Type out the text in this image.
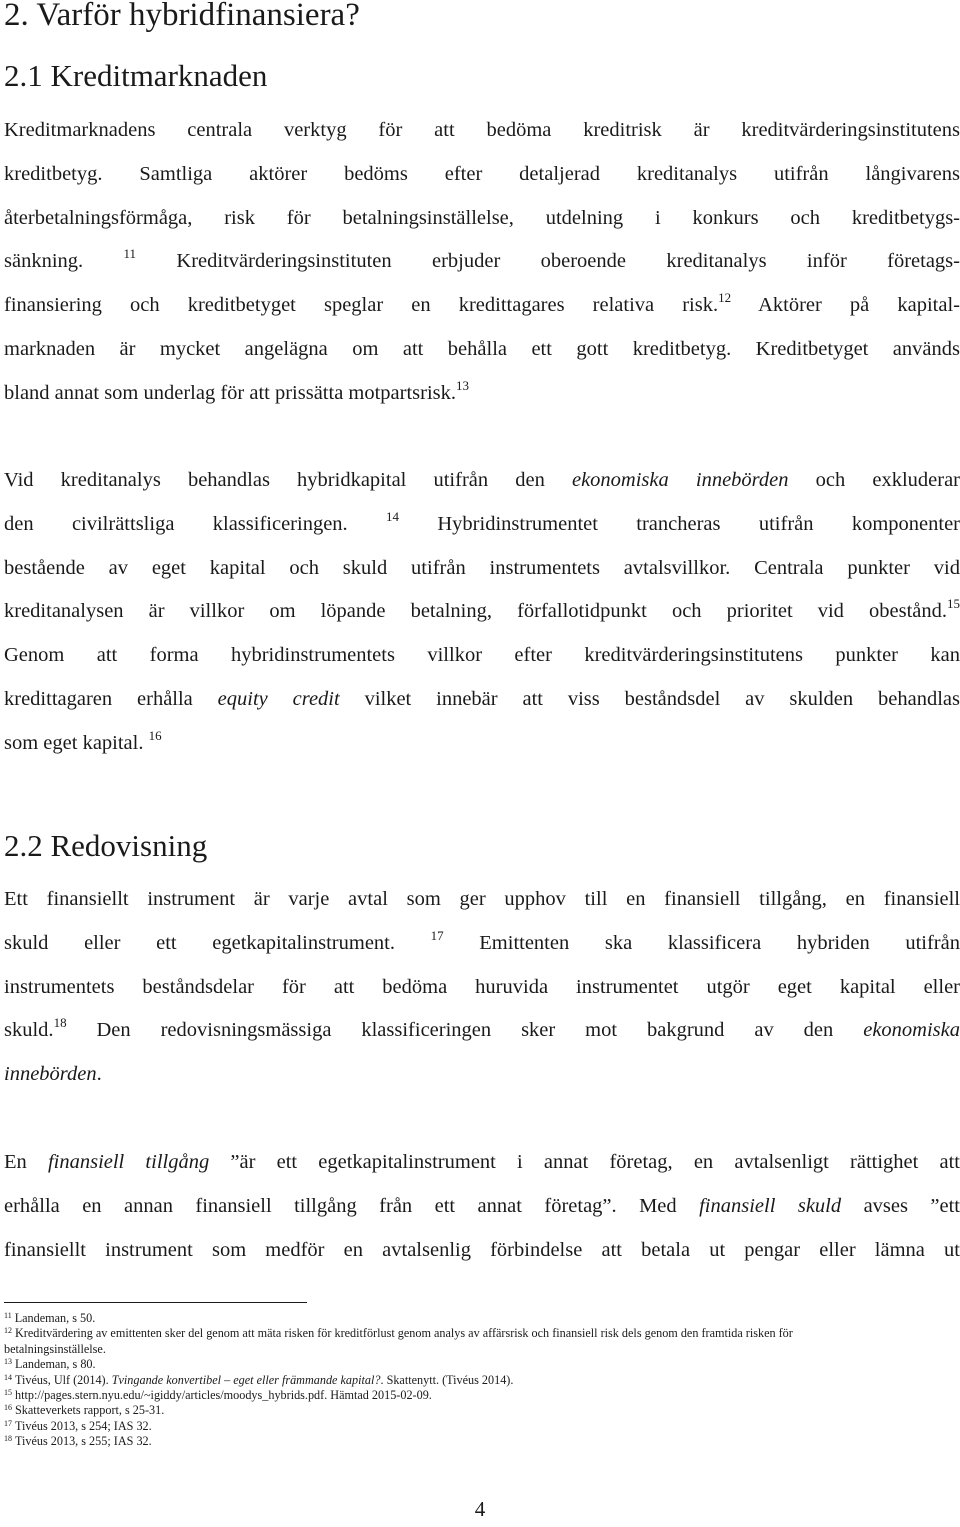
2. Varför hybridfinansiera?
2.1 Kreditmarknaden
Kreditmarknadens centrala verktyg för att bedöma kreditrisk är kreditvärderingsinstitutens
kreditbetyg. Samtliga aktörer bedöms efter detaljerad kreditanalys utifrån långivarens
återbetalningsförmåga, risk för betalningsinställelse, utdelning i konkurs och kreditbetygs-
sänkning. $^{11}$ Kreditvärderingsinstituten erbjuder oberoende kreditanalys inför företags-
finansiering och kreditbetyget speglar en kredittagares relativa risk.$^{12}$ Aktörer på kapital-
marknaden är mycket angelägna om att behålla ett gott kreditbetyg. Kreditbetyget används
bland annat som underlag för att prissätta motpartsrisk.$^{13}$
Vid kreditanalys behandlas hybridkapital utifrån den ekonomiska innebörden och exkluderar
den civilrättsliga klassificeringen. $^{14}$ Hybridinstrumentet trancheras utifrån komponenter
bestående av eget kapital och skuld utifrån instrumentets avtalsvillkor. Centrala punkter vid
kreditanalysen är villkor om löpande betalning, förfallotidpunkt och prioritet vid obestånd.$^{15}$
Genom att forma hybridinstrumentets villkor efter kreditvärderingsinstitutens punkter kan
kredittagaren erhålla equity credit vilket innebär att viss beståndsdel av skulden behandlas
som eget kapital. $^{16}$
2.2 Redovisning
Ett finansiellt instrument är varje avtal som ger upphov till en finansiell tillgång, en finansiell
skuld eller ett egetkapitalinstrument. $^{17}$ Emittenten ska klassificera hybriden utifrån
instrumentets beståndsdelar för att bedöma huruvida instrumentet utgör eget kapital eller
skuld.$^{18}$ Den redovisningsmässiga klassificeringen sker mot bakgrund av den ekonomiska
innebörden.
En finansiell tillgång ”är ett egetkapitalinstrument i annat företag, en avtalsenligt rättighet att
erhålla en annan finansiell tillgång från ett annat företag”. Med finansiell skuld avses ”ett
finansiellt instrument som medför en avtalsenlig förbindelse att betala ut pengar eller lämna ut
$^{11}$ Landeman, s 50.
$^{12}$ Kreditvärdering av emittenten sker del genom att mäta risken för kreditförlust genom analys av affärsrisk och finansiell risk dels genom den framtida risken för
betalningsinställelse.
$^{13}$ Landeman, s 80.
$^{14}$ Tivéus, Ulf (2014). Tvingande konvertibel – eget eller främmande kapital?. Skattenytt. (Tivéus 2014).
$^{15}$ http://pages.stern.nyu.edu/~igiddy/articles/moodys_hybrids.pdf. Hämtad 2015-02-09.
$^{16}$ Skatteverkets rapport, s 25-31.
$^{17}$ Tivéus 2013, s 254; IAS 32.
$^{18}$ Tivéus 2013, s 255; IAS 32.
4
